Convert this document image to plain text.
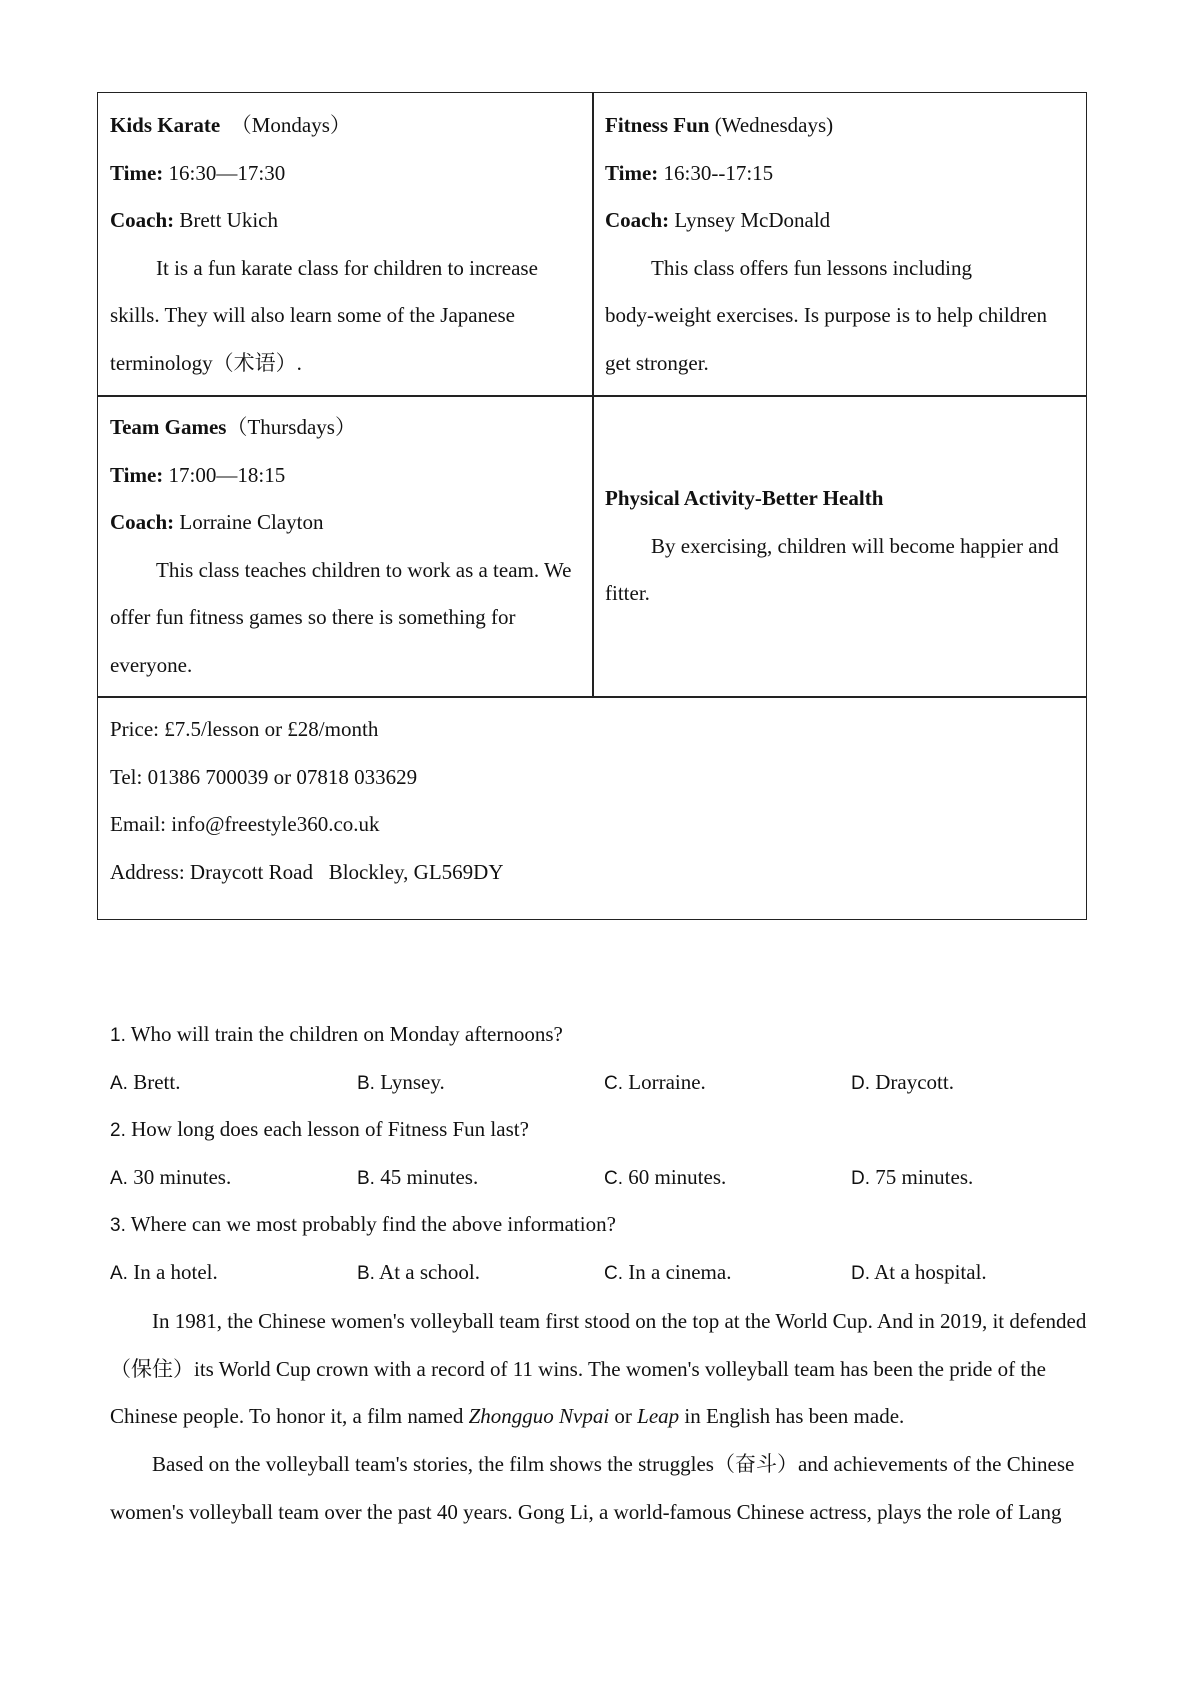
Kids Karate （Mondays）

Time: 16:30—17:30

Coach: Brett Ukich

It is a fun karate class for children to increase

skills. They will also learn some of the Japanese

terminology（术语）.

Fitness Fun (Wednesdays)

Time: 16:30--17:15

Coach: Lynsey McDonald

This class offers fun lessons including

body-weight exercises. Is purpose is to help children

get stronger.

Team Games（Thursdays）

Time: 17:00—18:15

Coach: Lorraine Clayton

This class teaches children to work as a team. We

offer fun fitness games so there is something for

everyone.

Physical Activity-Better Health

By exercising, children will become happier and

fitter.

Price: £7.5/lesson or £28/month

Tel: 01386 700039 or 07818 033629

Email: info@freestyle360.co.uk

Address: Draycott Road   Blockley, GL569DY

1. Who will train the children on Monday afternoons?
A. Brett.	B. Lynsey.	C. Lorraine.	D. Draycott.
2. How long does each lesson of Fitness Fun last?
A. 30 minutes.	B. 45 minutes.	C. 60 minutes.	D. 75 minutes.
3. Where can we most probably find the above information?
A. In a hotel.	B. At a school.	C. In a cinema.	D. At a hospital.
In 1981, the Chinese women's volleyball team first stood on the top at the World Cup. And in 2019, it defended
（保住）its World Cup crown with a record of 11 wins. The women's volleyball team has been the pride of the
Chinese people. To honor it, a film named Zhongguo Nvpai or Leap in English has been made.
Based on the volleyball team's stories, the film shows the struggles（奋斗）and achievements of the Chinese
women's volleyball team over the past 40 years. Gong Li, a world-famous Chinese actress, plays the role of Lang
